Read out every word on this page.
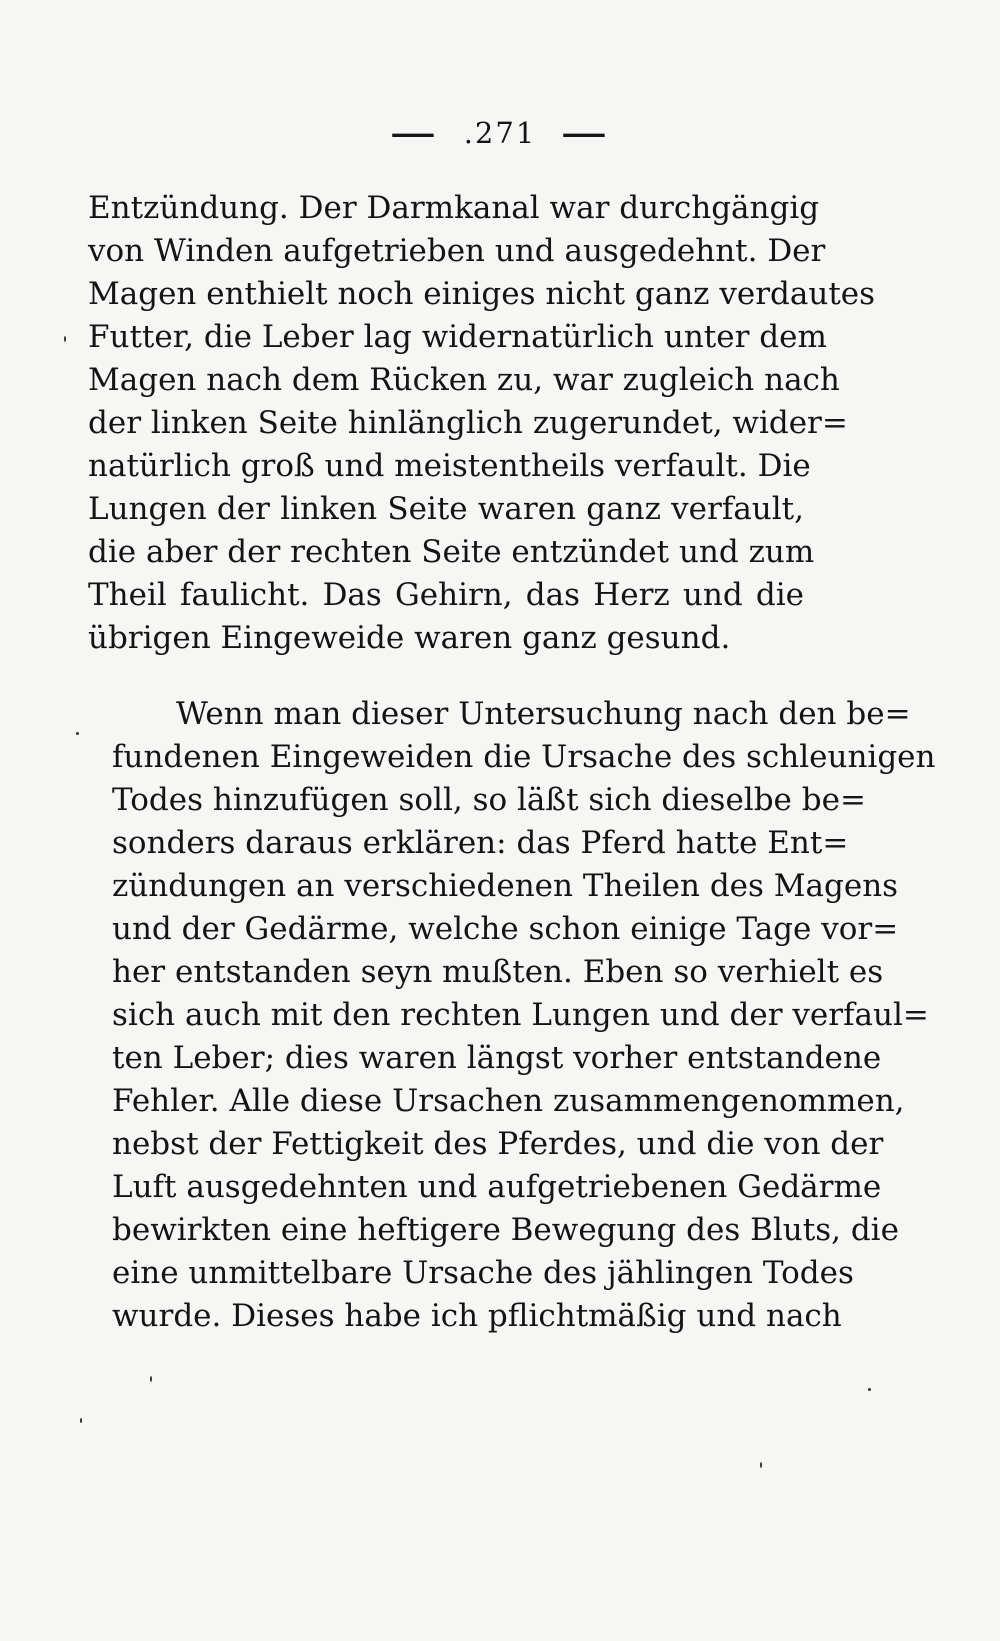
— .271 —
Entzündung. Der Darmkanal war durchgängig
von Winden aufgetrieben und ausgedehnt. Der
Magen enthielt noch einiges nicht ganz verdautes
Futter, die Leber lag widernatürlich unter dem
Magen nach dem Rücken zu, war zugleich nach
der linken Seite hinlänglich zugerundet, wider=
natürlich groß und meistentheils verfault. Die
Lungen der linken Seite waren ganz verfault,
die aber der rechten Seite entzündet und zum
Theil faulicht. Das Gehirn, das Herz und die
übrigen Eingeweide waren ganz gesund.
Wenn man dieser Untersuchung nach den be=
fundenen Eingeweiden die Ursache des schleunigen
Todes hinzufügen soll, so läßt sich dieselbe be=
sonders daraus erklären: das Pferd hatte Ent=
zündungen an verschiedenen Theilen des Magens
und der Gedärme, welche schon einige Tage vor=
her entstanden seyn mußten. Eben so verhielt es
sich auch mit den rechten Lungen und der verfaul=
ten Leber; dies waren längst vorher entstandene
Fehler. Alle diese Ursachen zusammengenommen,
nebst der Fettigkeit des Pferdes, und die von der
Luft ausgedehnten und aufgetriebenen Gedärme
bewirkten eine heftigere Bewegung des Bluts, die
eine unmittelbare Ursache des jählingen Todes
wurde. Dieses habe ich pflichtmäßig und nach
